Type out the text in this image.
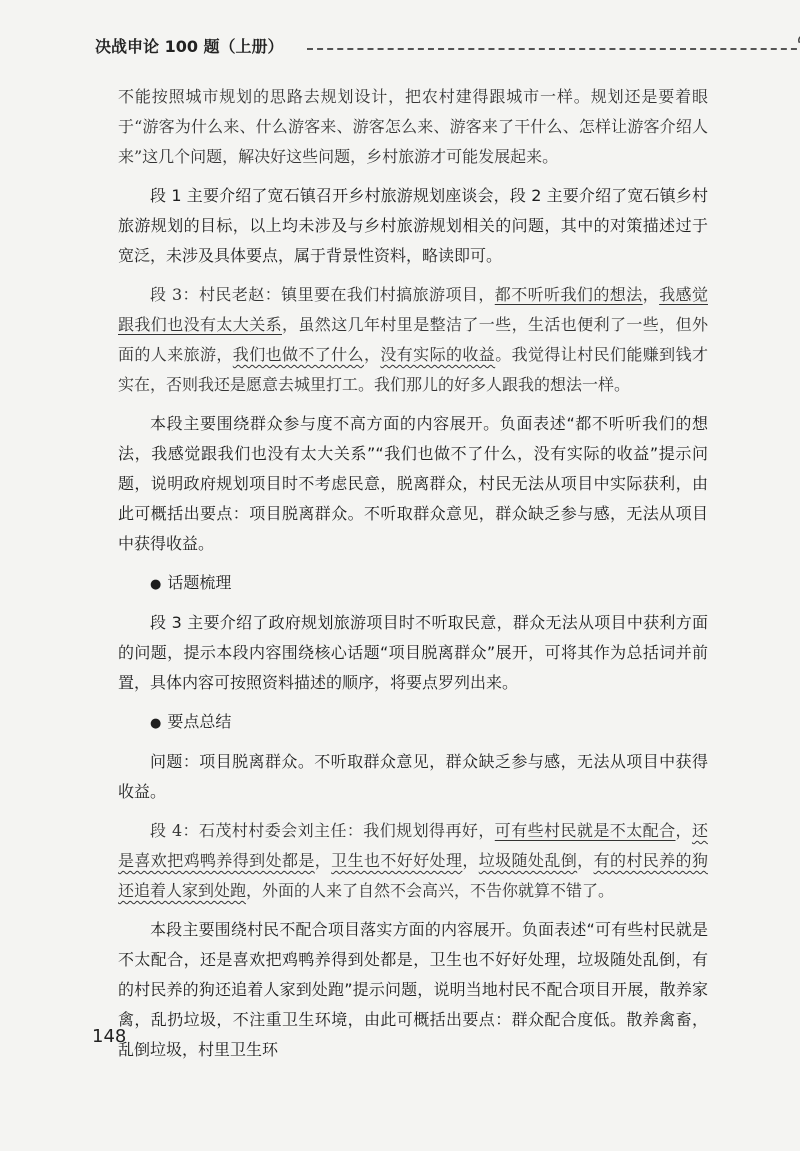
决战申论 100 题（上册）

不能按照城市规划的思路去规划设计，把农村建得跟城市一样。规划还是要着眼于“游客为什么来、什么游客来、游客怎么来、游客来了干什么、怎样让游客介绍人来”这几个问题，解决好这些问题，乡村旅游才可能发展起来。

段 1 主要介绍了宽石镇召开乡村旅游规划座谈会，段 2 主要介绍了宽石镇乡村旅游规划的目标，以上均未涉及与乡村旅游规划相关的问题，其中的对策描述过于宽泛，未涉及具体要点，属于背景性资料，略读即可。

段 3：村民老赵：镇里要在我们村搞旅游项目，都不听听我们的想法，我感觉跟我们也没有太大关系，虽然这几年村里是整洁了一些，生活也便利了一些，但外面的人来旅游，我们也做不了什么，没有实际的收益。我觉得让村民们能赚到钱才实在，否则我还是愿意去城里打工。我们那儿的好多人跟我的想法一样。

本段主要围绕群众参与度不高方面的内容展开。负面表述“都不听听我们的想法，我感觉跟我们也没有太大关系”“我们也做不了什么，没有实际的收益”提示问题，说明政府规划项目时不考虑民意，脱离群众，村民无法从项目中实际获利，由此可概括出要点：项目脱离群众。不听取群众意见，群众缺乏参与感，无法从项目中获得收益。

● 话题梳理

段 3 主要介绍了政府规划旅游项目时不听取民意，群众无法从项目中获利方面的问题，提示本段内容围绕核心话题“项目脱离群众”展开，可将其作为总括词并前置，具体内容可按照资料描述的顺序，将要点罗列出来。

● 要点总结

问题：项目脱离群众。不听取群众意见，群众缺乏参与感，无法从项目中获得收益。

段 4：石茂村村委会刘主任：我们规划得再好，可有些村民就是不太配合，还是喜欢把鸡鸭养得到处都是，卫生也不好好处理，垃圾随处乱倒，有的村民养的狗还追着人家到处跑，外面的人来了自然不会高兴，不告你就算不错了。

本段主要围绕村民不配合项目落实方面的内容展开。负面表述“可有些村民就是不太配合，还是喜欢把鸡鸭养得到处都是，卫生也不好好处理，垃圾随处乱倒，有的村民养的狗还追着人家到处跑”提示问题，说明当地村民不配合项目开展，散养家禽，乱扔垃圾，不注重卫生环境，由此可概括出要点：群众配合度低。散养禽畜，乱倒垃圾，村里卫生环

148
